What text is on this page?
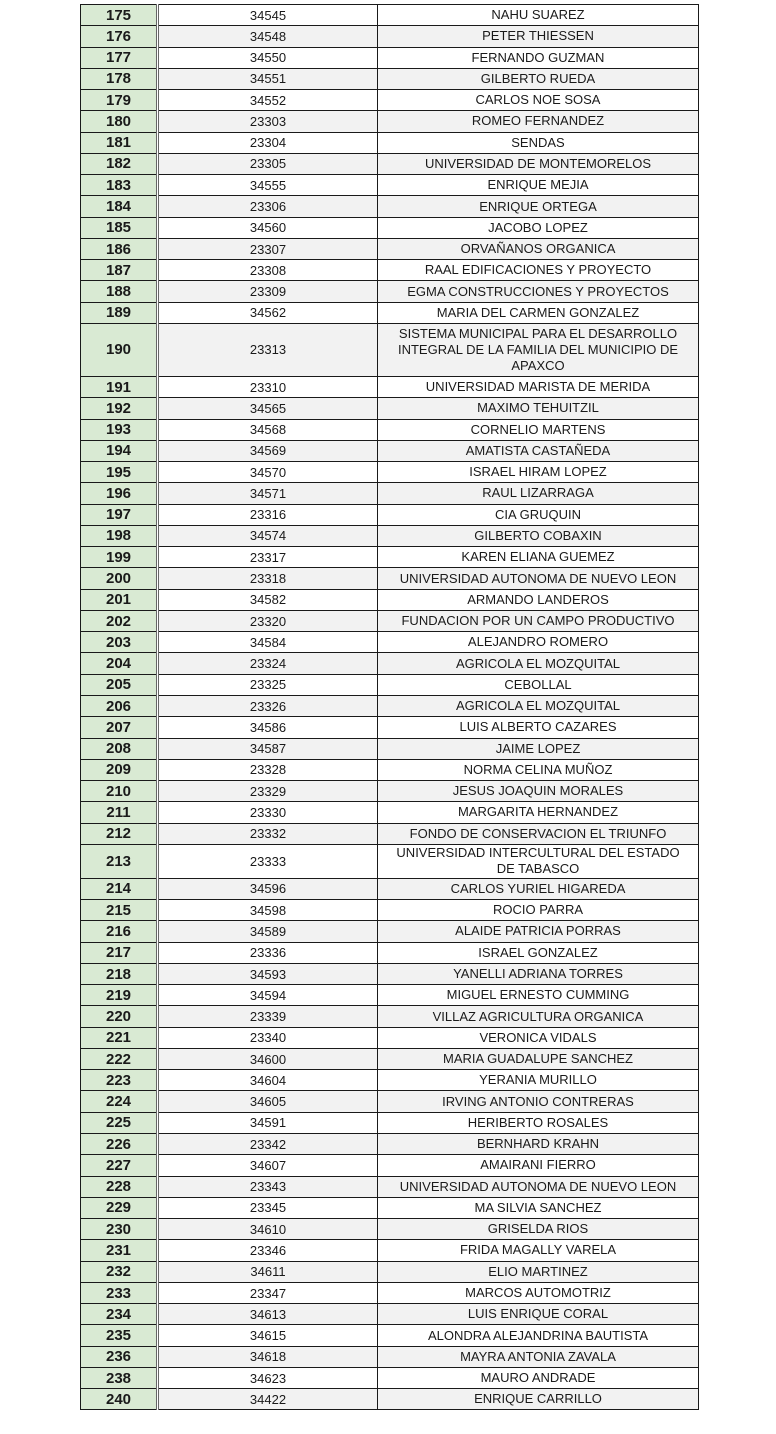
175	34545	NAHU SUAREZ

176	34548	PETER THIESSEN

177	34550	FERNANDO GUZMAN

178	34551	GILBERTO RUEDA

179	34552	CARLOS NOE SOSA

180	23303	ROMEO FERNANDEZ

181	23304	SENDAS

182	23305	UNIVERSIDAD DE MONTEMORELOS

183	34555	ENRIQUE MEJIA

184	23306	ENRIQUE ORTEGA

185	34560	JACOBO LOPEZ

186	23307	ORVAÑANOS ORGANICA

187	23308	RAAL EDIFICACIONES Y PROYECTO

188	23309	EGMA CONSTRUCCIONES Y PROYECTOS

189	34562	MARIA DEL CARMEN GONZALEZ

190	23313	SISTEMA MUNICIPAL PARA EL DESARROLLO
INTEGRAL DE LA FAMILIA DEL MUNICIPIO DE
APAXCO

191	23310	UNIVERSIDAD MARISTA DE MERIDA

192	34565	MAXIMO TEHUITZIL

193	34568	CORNELIO MARTENS

194	34569	AMATISTA CASTAÑEDA

195	34570	ISRAEL HIRAM LOPEZ

196	34571	RAUL LIZARRAGA

197	23316	CIA GRUQUIN

198	34574	GILBERTO COBAXIN

199	23317	KAREN ELIANA GUEMEZ

200	23318	UNIVERSIDAD AUTONOMA DE NUEVO LEON

201	34582	ARMANDO LANDEROS

202	23320	FUNDACION POR UN CAMPO PRODUCTIVO

203	34584	ALEJANDRO ROMERO

204	23324	AGRICOLA EL MOZQUITAL

205	23325	CEBOLLAL

206	23326	AGRICOLA EL MOZQUITAL

207	34586	LUIS ALBERTO CAZARES

208	34587	JAIME LOPEZ

209	23328	NORMA CELINA MUÑOZ

210	23329	JESUS JOAQUIN MORALES

211	23330	MARGARITA HERNANDEZ

212	23332	FONDO DE CONSERVACION EL TRIUNFO

213	23333	UNIVERSIDAD INTERCULTURAL DEL ESTADO
DE TABASCO

214	34596	CARLOS YURIEL HIGAREDA

215	34598	ROCIO PARRA

216	34589	ALAIDE PATRICIA PORRAS

217	23336	ISRAEL GONZALEZ

218	34593	YANELLI ADRIANA TORRES

219	34594	MIGUEL ERNESTO CUMMING

220	23339	VILLAZ AGRICULTURA ORGANICA

221	23340	VERONICA VIDALS

222	34600	MARIA GUADALUPE SANCHEZ

223	34604	YERANIA MURILLO

224	34605	IRVING ANTONIO CONTRERAS

225	34591	HERIBERTO ROSALES

226	23342	BERNHARD KRAHN

227	34607	AMAIRANI FIERRO

228	23343	UNIVERSIDAD AUTONOMA DE NUEVO LEON

229	23345	MA SILVIA SANCHEZ

230	34610	GRISELDA RIOS

231	23346	FRIDA MAGALLY VARELA

232	34611	ELIO MARTINEZ

233	23347	MARCOS AUTOMOTRIZ

234	34613	LUIS ENRIQUE CORAL

235	34615	ALONDRA ALEJANDRINA BAUTISTA

236	34618	MAYRA ANTONIA ZAVALA

238	34623	MAURO ANDRADE

240	34422	ENRIQUE CARRILLO
